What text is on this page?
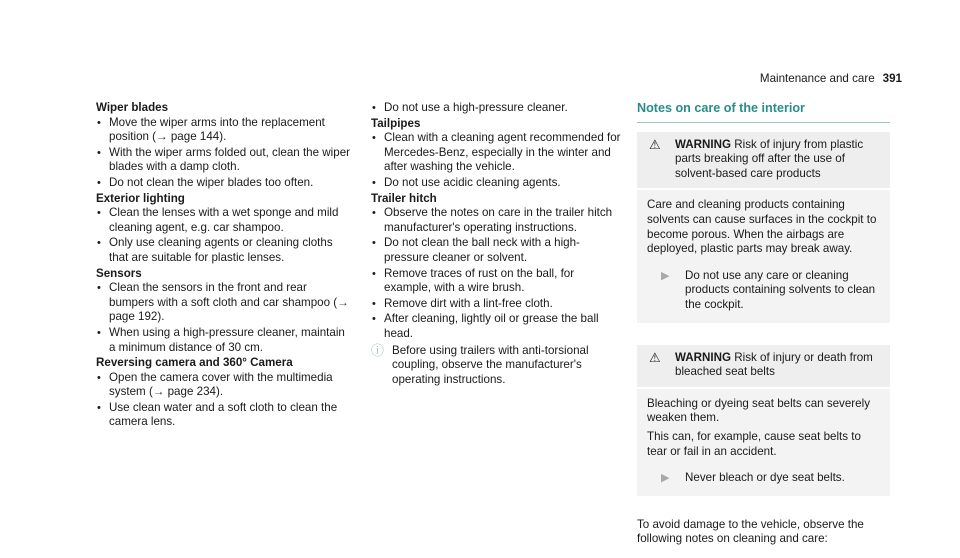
Maintenance and care 391

Wiper blades

• Move the wiper arms into the replacement position (→ page 144).
• With the wiper arms folded out, clean the wiper blades with a damp cloth.
• Do not clean the wiper blades too often.

Exterior lighting

• Clean the lenses with a wet sponge and mild cleaning agent, e.g. car shampoo.
• Only use cleaning agents or cleaning cloths that are suitable for plastic lenses.

Sensors

• Clean the sensors in the front and rear bumpers with a soft cloth and car shampoo (→ page 192).
• When using a high-pressure cleaner, maintain a minimum distance of 30 cm.

Reversing camera and 360° Camera

• Open the camera cover with the multimedia system (→ page 234).
• Use clean water and a soft cloth to clean the camera lens.
• Do not use a high-pressure cleaner.

Tailpipes

• Clean with a cleaning agent recommended for Mercedes-Benz, especially in the winter and after washing the vehicle.
• Do not use acidic cleaning agents.

Trailer hitch

• Observe the notes on care in the trailer hitch manufacturer's operating instructions.
• Do not clean the ball neck with a high-pressure cleaner or solvent.
• Remove traces of rust on the ball, for example, with a wire brush.
• Remove dirt with a lint-free cloth.
• After cleaning, lightly oil or grease the ball head.
ⓘ Before using trailers with anti-torsional coupling, observe the manufacturer's operating instructions.
Notes on care of the interior
⚠ WARNING Risk of injury from plastic parts breaking off after the use of solvent-based care products

Care and cleaning products containing solvents can cause surfaces in the cockpit to become porous. When the airbags are deployed, plastic parts may break away.

▶ Do not use any care or cleaning products containing solvents to clean the cockpit.
⚠ WARNING Risk of injury or death from bleached seat belts

Bleaching or dyeing seat belts can severely weaken them.

This can, for example, cause seat belts to tear or fail in an accident.

▶ Never bleach or dye seat belts.

To avoid damage to the vehicle, observe the following notes on cleaning and care:
